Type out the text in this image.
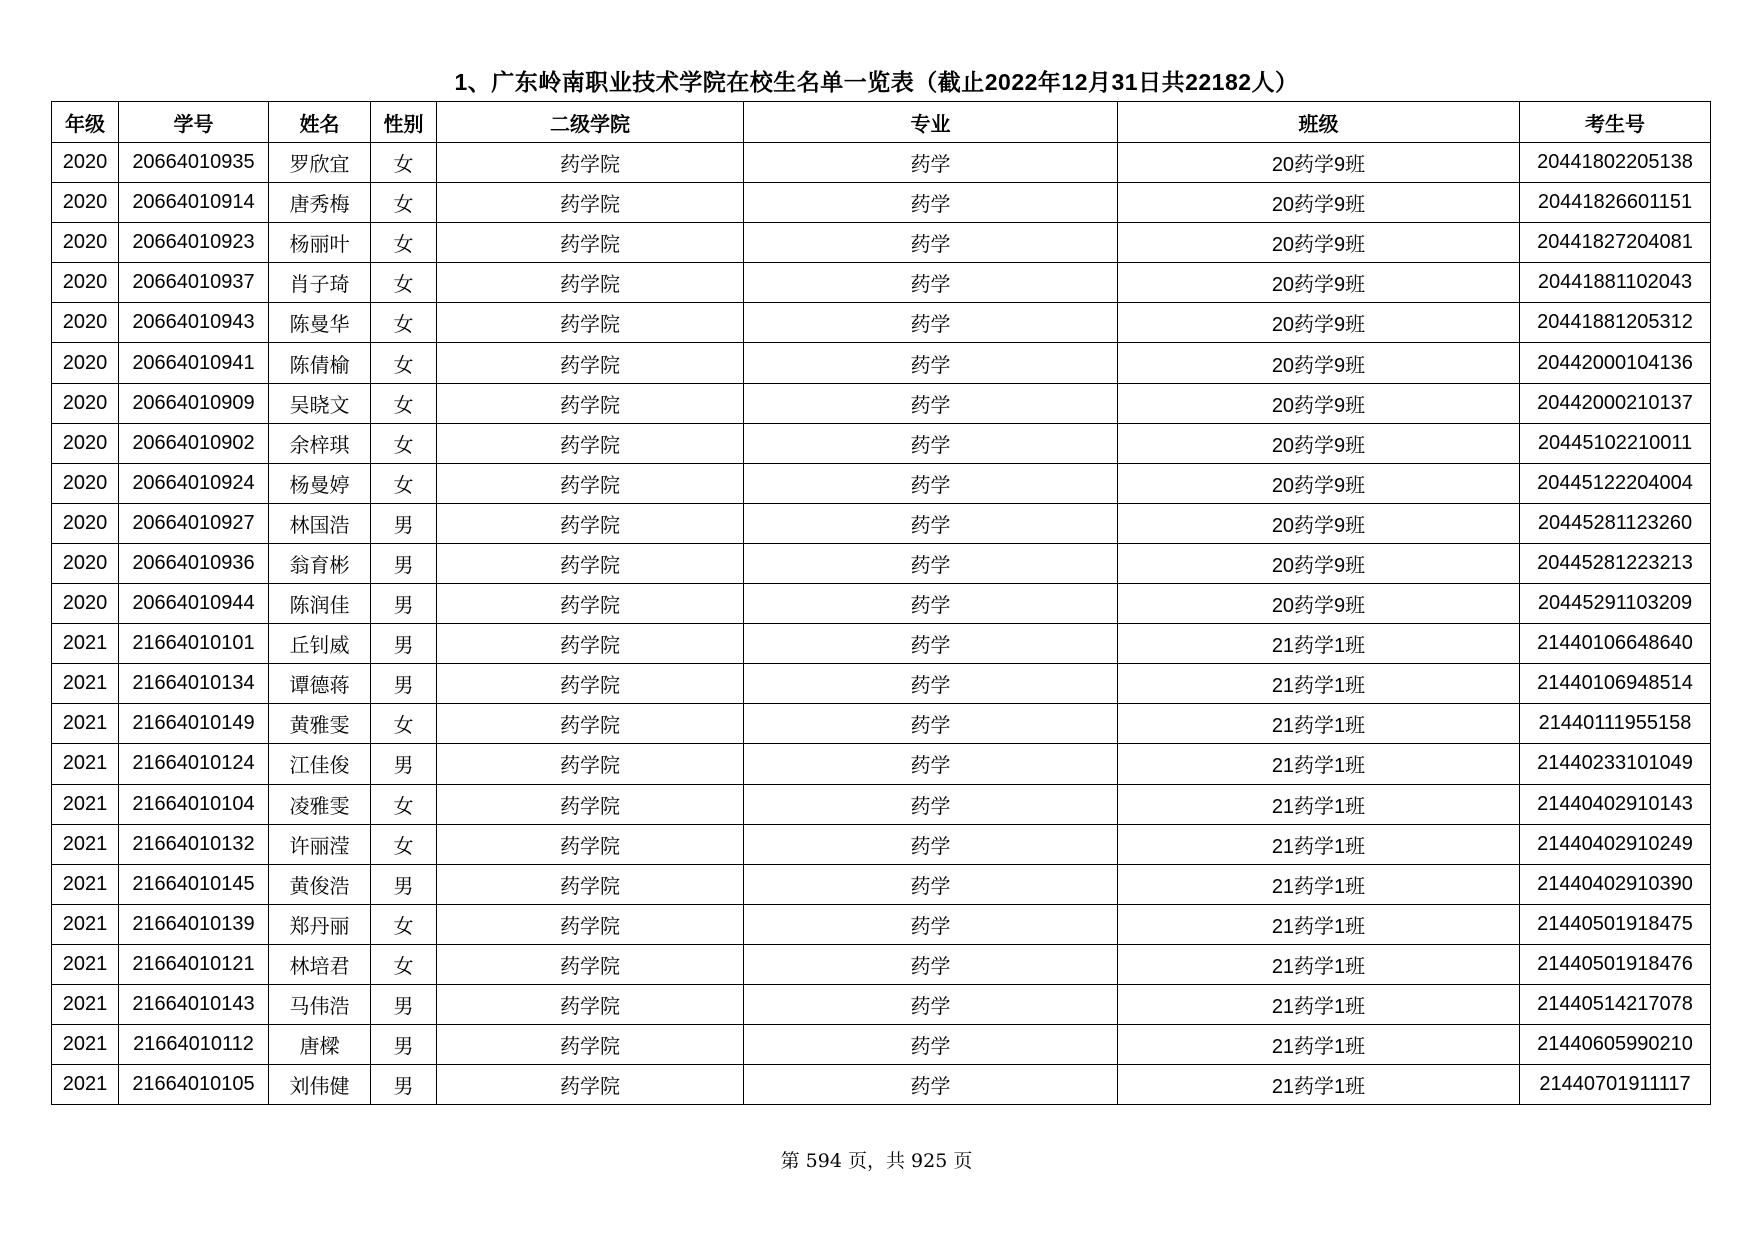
1、广东岭南职业技术学院在校生名单一览表（截止2022年12月31日共22182人）
年级	学号	姓名	性别	二级学院	专业	班级	考生号
2020	20664010935	罗欣宜	女	药学院	药学	20药学9班	20441802205138
2020	20664010914	唐秀梅	女	药学院	药学	20药学9班	20441826601151
2020	20664010923	杨丽叶	女	药学院	药学	20药学9班	20441827204081
2020	20664010937	肖子琦	女	药学院	药学	20药学9班	20441881102043
2020	20664010943	陈曼华	女	药学院	药学	20药学9班	20441881205312
2020	20664010941	陈倩榆	女	药学院	药学	20药学9班	20442000104136
2020	20664010909	吴晓文	女	药学院	药学	20药学9班	20442000210137
2020	20664010902	余梓琪	女	药学院	药学	20药学9班	20445102210011
2020	20664010924	杨曼婷	女	药学院	药学	20药学9班	20445122204004
2020	20664010927	林国浩	男	药学院	药学	20药学9班	20445281123260
2020	20664010936	翁育彬	男	药学院	药学	20药学9班	20445281223213
2020	20664010944	陈润佳	男	药学院	药学	20药学9班	20445291103209
2021	21664010101	丘钊威	男	药学院	药学	21药学1班	21440106648640
2021	21664010134	谭德蒋	男	药学院	药学	21药学1班	21440106948514
2021	21664010149	黄雅雯	女	药学院	药学	21药学1班	21440111955158
2021	21664010124	江佳俊	男	药学院	药学	21药学1班	21440233101049
2021	21664010104	凌雅雯	女	药学院	药学	21药学1班	21440402910143
2021	21664010132	许丽滢	女	药学院	药学	21药学1班	21440402910249
2021	21664010145	黄俊浩	男	药学院	药学	21药学1班	21440402910390
2021	21664010139	郑丹丽	女	药学院	药学	21药学1班	21440501918475
2021	21664010121	林培君	女	药学院	药学	21药学1班	21440501918476
2021	21664010143	马伟浩	男	药学院	药学	21药学1班	21440514217078
2021	21664010112	唐樑	男	药学院	药学	21药学1班	21440605990210
2021	21664010105	刘伟健	男	药学院	药学	21药学1班	21440701911117
第 594 页，共 925 页
